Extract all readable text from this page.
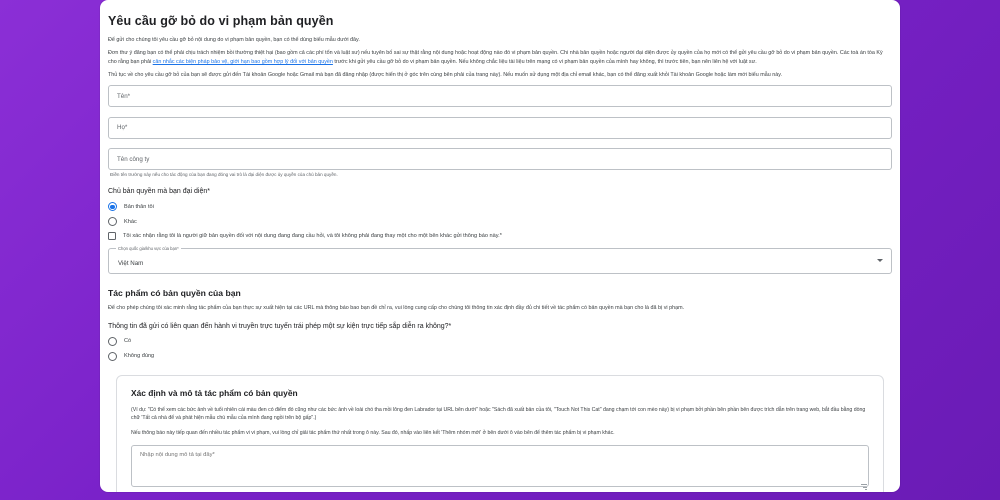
Yêu cầu gỡ bỏ do vi phạm bản quyền

Để gửi cho chúng tôi yêu cầu gỡ bỏ nội dung do vi phạm bản quyền, bạn có thể dùng biểu mẫu dưới đây.

Đơn thư ý đăng bạn có thể phải chịu trách nhiệm bồi thường thiệt hại (bao gồm cả các phí tổn và luật sư) nếu tuyên bố sai sự thật rằng nội dung hoặc hoạt động nào đó vi phạm bản quyền. Chi nhà bản quyền hoặc người đại diện được ủy quyền của họ mới có thể gửi yêu cầu gỡ bỏ do vi phạm bản quyền. Các toà án tòa Kỳ cho rằng bạn phải cân nhắc các biện pháp bảo vệ, giới hạn bao gồm hợp lý đối với bản quyền trước khi gửi yêu cầu gỡ bỏ do vi phạm bản quyền. Nếu không chắc liệu tài liệu trên mạng có vi phạm bản quyền của mình hay không, thì trước tiên, bạn nên liên hệ với luật sư.

Thủ tục về cho yêu cầu gỡ bỏ của bạn sẽ được gửi đến Tài khoản Google hoặc Gmail mà bạn đã đăng nhập (được hiển thị ở góc trên cùng bên phải của trang này). Nếu muốn sử dụng một địa chỉ email khác, bạn có thể đăng xuất khỏi Tài khoản Google hoặc làm mới biểu mẫu này.

Tên*
Họ*
Tên công ty
Điền tên trường này nếu cho tác động của bạn đang đóng vai trò là đại diện được ủy quyền của chủ bản quyền.
Chủ bản quyền mà bạn đại diện*
Bản thân tôi
Khác
Tôi xác nhận rằng tôi là người giữ bản quyền đối với nội dung đang đang cầu hỏi, và tôi không phải đang thay một cho một bên khác gửi thông báo này.*
Chọn quốc gia/khu vực của bạn*
Việt Nam
Tác phẩm có bản quyền của bạn

Để cho phép chúng tôi xác minh rằng tác phẩm của bạn thực sự xuất hiện tại các URL mà thông báo bao bạn đề chỉ ra, vui lòng cung cấp cho chúng tôi thông tin xác định đầy đủ chi tiết về tác phẩm có bản quyền mà bạn cho là đã bị vi phạm.

Thông tin đã gửi có liên quan đến hành vi truyền trực tuyến trái phép một sự kiện trực tiếp sắp diễn ra không?*
Có
Không đúng
Xác định và mô tả tác phẩm có bản quyền

(Ví dụ: "Có thể xem các bức ảnh về tuổi nhiên cái màu đen có điểm đó cũng như các bức ảnh về loài chó tha mồi lông đen Labrador tại URL bên dưới" hoặc "Sách đã xuất bản của tôi, "Touch Not This Cat" đang chạm tới con mèo này) bị vi phạm bởi phần bên phần bên được trích dẫn trên trang web, bắt đầu bằng dòng chữ 'Tất cả nhà để và phát hiện mẫu chú mẫu của mình đang ngồi trên bộ gấp".)

Nếu thông báo này tiếp quan đến nhiều tác phẩm vi vi phạm, vui lòng chỉ giải tác phẩm thứ nhất trong ô này. Sau đó, nhấp vào liên kết 'Thêm nhóm mới' ở bên dưới ô vào bên để thêm tác phẩm bị vi phạm khác.

Nhập nội dung mô tả tại đây*
